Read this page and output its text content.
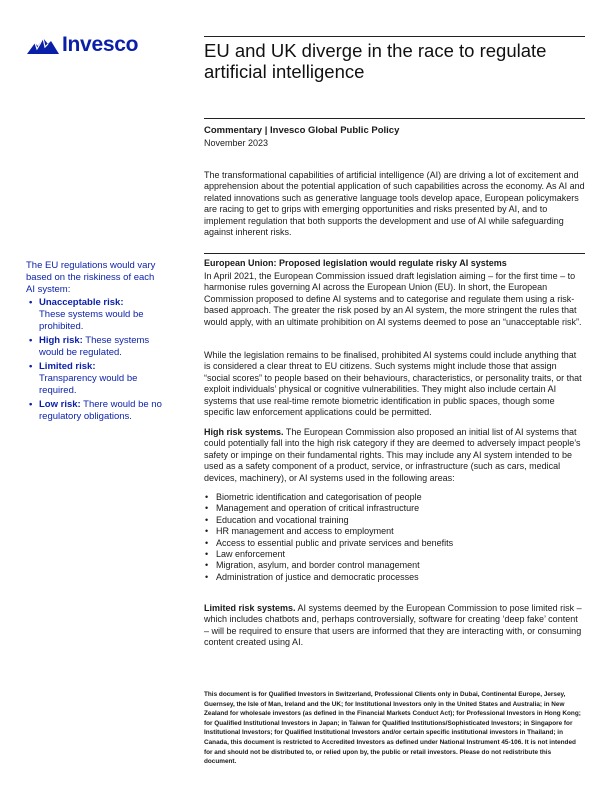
Invesco	EU and UK diverge in the race to regulate artificial intelligence
Commentary | Invesco Global Public Policy
November 2023
The transformational capabilities of artificial intelligence (AI) are driving a lot of excitement and apprehension about the potential application of such capabilities across the economy. As AI and related innovations such as generative language tools develop apace, European policymakers are racing to get to grips with emerging opportunities and risks presented by AI, and to implement regulation that both supports the development and use of AI while safeguarding against inherent risks.
European Union: Proposed legislation would regulate risky AI systems
The EU regulations would vary based on the riskiness of each AI system:
• Unacceptable risk:
These systems would be prohibited.
• High risk: These systems would be regulated.
• Limited risk:
Transparency would be required.
• Low risk: There would be no regulatory obligations.
In April 2021, the European Commission issued draft legislation aiming – for the first time – to harmonise rules governing AI across the European Union (EU). In short, the European Commission proposed to define AI systems and to categorise and regulate them using a risk-based approach. The greater the risk posed by an AI system, the more stringent the rules that would apply, with an ultimate prohibition on AI systems deemed to pose an “unacceptable risk”.
While the legislation remains to be finalised, prohibited AI systems could include anything that is considered a clear threat to EU citizens. Such systems might include those that assign “social scores” to people based on their behaviours, characteristics, or personality traits, or that exploit individuals’ physical or cognitive vulnerabilities. They might also include certain AI systems that use real-time remote biometric identification in public spaces, though some specific law enforcement applications could be permitted.
High risk systems. The European Commission also proposed an initial list of AI systems that could potentially fall into the high risk category if they are deemed to adversely impact people’s safety or impinge on their fundamental rights. This may include any AI system intended to be used as a safety component of a product, service, or infrastructure (such as cars, medical devices, machinery), or AI systems used in the following areas:
• Biometric identification and categorisation of people
• Management and operation of critical infrastructure
• Education and vocational training
• HR management and access to employment
• Access to essential public and private services and benefits
• Law enforcement
• Migration, asylum, and border control management
• Administration of justice and democratic processes
Limited risk systems. AI systems deemed by the European Commission to pose limited risk – which includes chatbots and, perhaps controversially, software for creating ‘deep fake’ content – will be required to ensure that users are informed that they are interacting with, or consuming content created using AI.
This document is for Qualified Investors in Switzerland, Professional Clients only in Dubai, Continental Europe, Jersey, Guernsey, the Isle of Man, Ireland and the UK; for Institutional Investors only in the United States and Australia; in New Zealand for wholesale investors (as defined in the Financial Markets Conduct Act); for Professional Investors in Hong Kong; for Qualified Institutional Investors in Japan; in Taiwan for Qualified Institutions/Sophisticated Investors; in Singapore for Institutional Investors; for Qualified Institutional Investors and/or certain specific institutional investors in Thailand; in Canada, this document is restricted to Accredited Investors as defined under National Instrument 45-106. It is not intended for and should not be distributed to, or relied upon by, the public or retail investors. Please do not redistribute this document.
